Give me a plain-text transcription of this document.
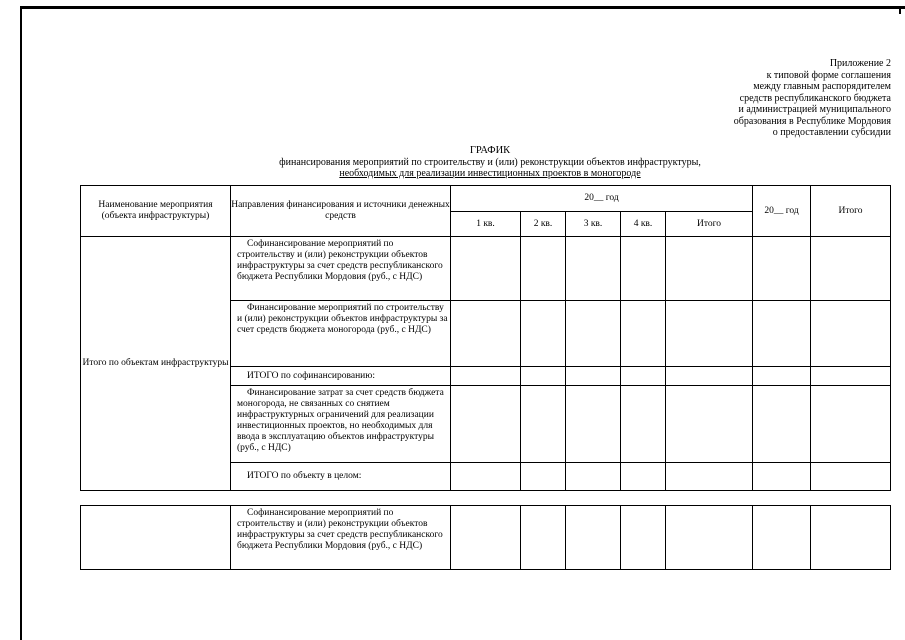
Приложение 2
к типовой форме соглашения
между главным распорядителем
средств республиканского бюджета
и администрацией муниципального
образования в Республике Мордовия
о предоставлении субсидии
ГРАФИК
финансирования мероприятий по строительству и (или) реконструкции объектов инфраструктуры,
необходимых для реализации инвестиционных проектов в моногороде
Наименование мероприятия (объекта инфраструктуры)	Направления финансирования и источники денежных средств	20__ год					20__ год	Итого
		1 кв.	2 кв.	3 кв.	4 кв.	Итого		
Итого по объектам инфраструктуры	Софинансирование мероприятий по строительству и (или) реконструкции объектов инфраструктуры за счет средств республиканского бюджета Республики Мордовия (руб., с НДС)							
	Финансирование мероприятий по строительству и (или) реконструкции объектов инфраструктуры за счет средств бюджета моногорода (руб., с НДС)							
	ИТОГО по софинансированию:							
	Финансирование затрат за счет средств бюджета моногорода, не связанных со снятием инфраструктурных ограничений для реализации инвестиционных проектов, но необходимых для ввода в эксплуатацию объектов инфраструктуры (руб., с НДС)							
	ИТОГО по объекту в целом:							
	Софинансирование мероприятий по строительству и (или) реконструкции объектов инфраструктуры за счет средств республиканского бюджета Республики Мордовия (руб., с НДС)							
